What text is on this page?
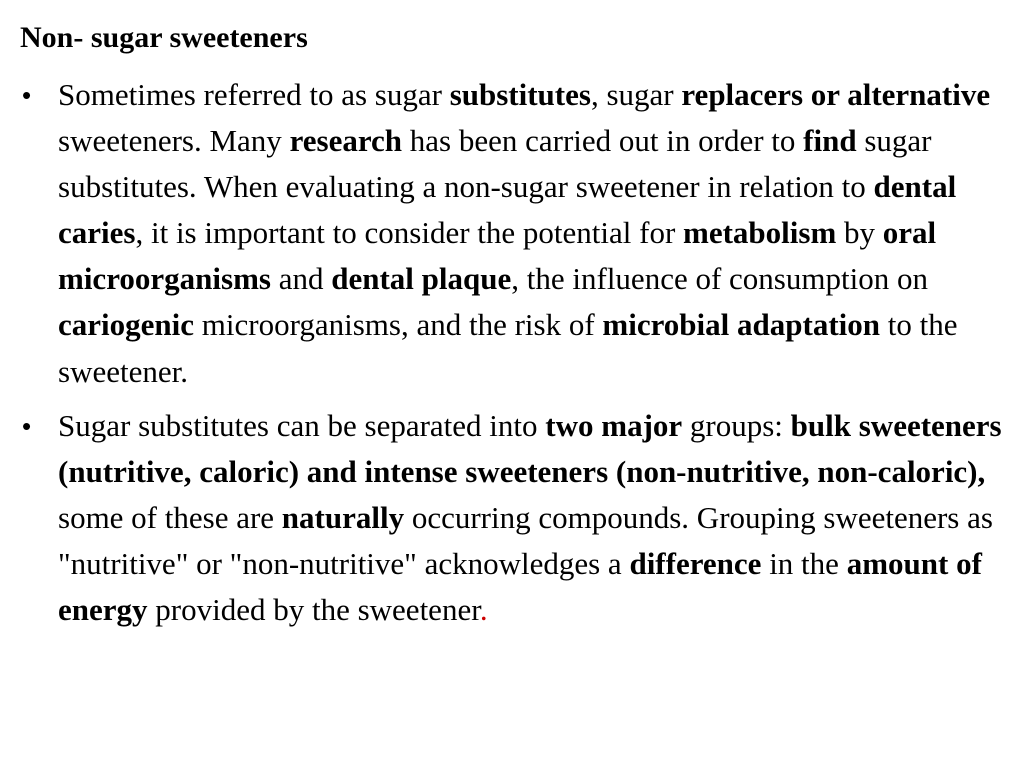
Non- sugar sweeteners
• Sometimes referred to as sugar substitutes, sugar replacers or alternative sweeteners. Many research has been carried out in order to find sugar substitutes. When evaluating a non-sugar sweetener in relation to dental caries, it is important to consider the potential for metabolism by oral microorganisms and dental plaque, the influence of consumption on cariogenic microorganisms, and the risk of microbial adaptation to the sweetener.
• Sugar substitutes can be separated into two major groups: bulk sweeteners (nutritive, caloric) and intense sweeteners (non-nutritive, non-caloric), some of these are naturally occurring compounds. Grouping sweeteners as "nutritive" or "non-nutritive" acknowledges a difference in the amount of energy provided by the sweetener.
